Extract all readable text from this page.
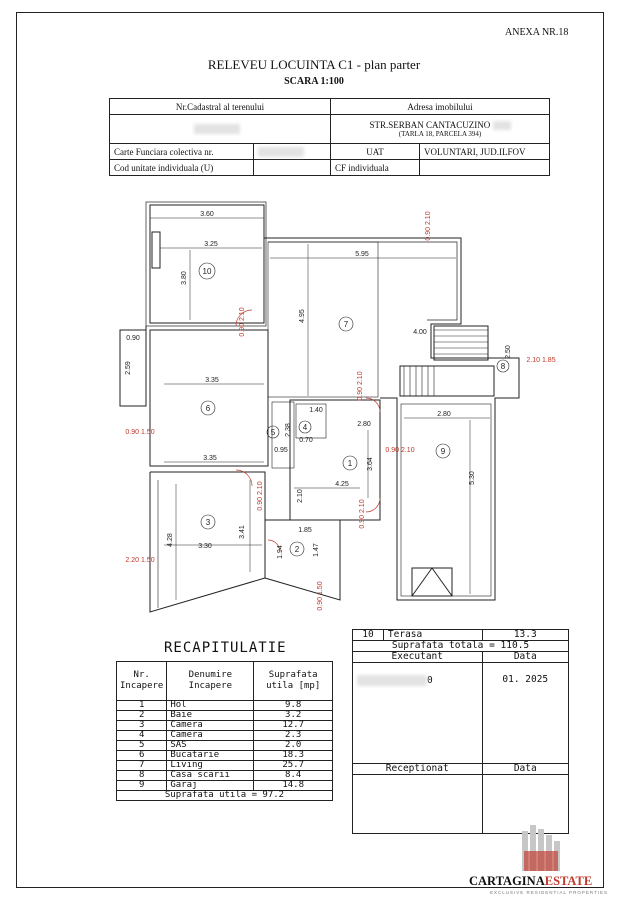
ANEXA NR.18
RELEVEU LOCUINTA C1 - plan parter
SCARA 1:100
Nr.Cadastral al terenului		Adresa imobilului	

		STR.SERBAN CANTACUZINO
(TARLA 18, PARCELA 394)	

Carte Funciara colectiva nr.		UAT	VOLUNTARI, JUD.ILFOV
Cod unitate individuala (U)		CF individuala	
3.60
3.25
5.95
3.80
4.95
4.00
3.35
3.35
2.80
2.80
4.25
3.64
5.30
4.28	3.30
3.41	1.85
1.47
1.94
1.40
2.38
0.95
0.70
0.90
2.50
2.59
2.10
0.90 2.10
0.90 2.10
0.90 1.50
0.90 2.10
0.90 2.10
2.10 1.85
0.90 2.10
0.90 2.10
2.20 1.50
0.90 1.50
1
2
3
4
5
6
7
8
9
10
RECAPITULATIE
Nr. Incapere	Denumire Incapere	Suprafata utila [mp]
1	Hol	9.8
2	Baie	3.2
3	Camera	12.7
4	Camera	2.3
5	SAS	2.0
6	Bucatarie	18.3
7	Living	25.7
8	Casa scarii	8.4
9	Garaj	14.8
Suprafata utila = 97.2		
10	Terasa	13.3
Suprafata totala = 110.5		
Executant		Data
0		01. 2025
Receptionat		Data

CARTAGINAESTATE
EXCLUSIVE RESIDENTIAL PROPERTIES
